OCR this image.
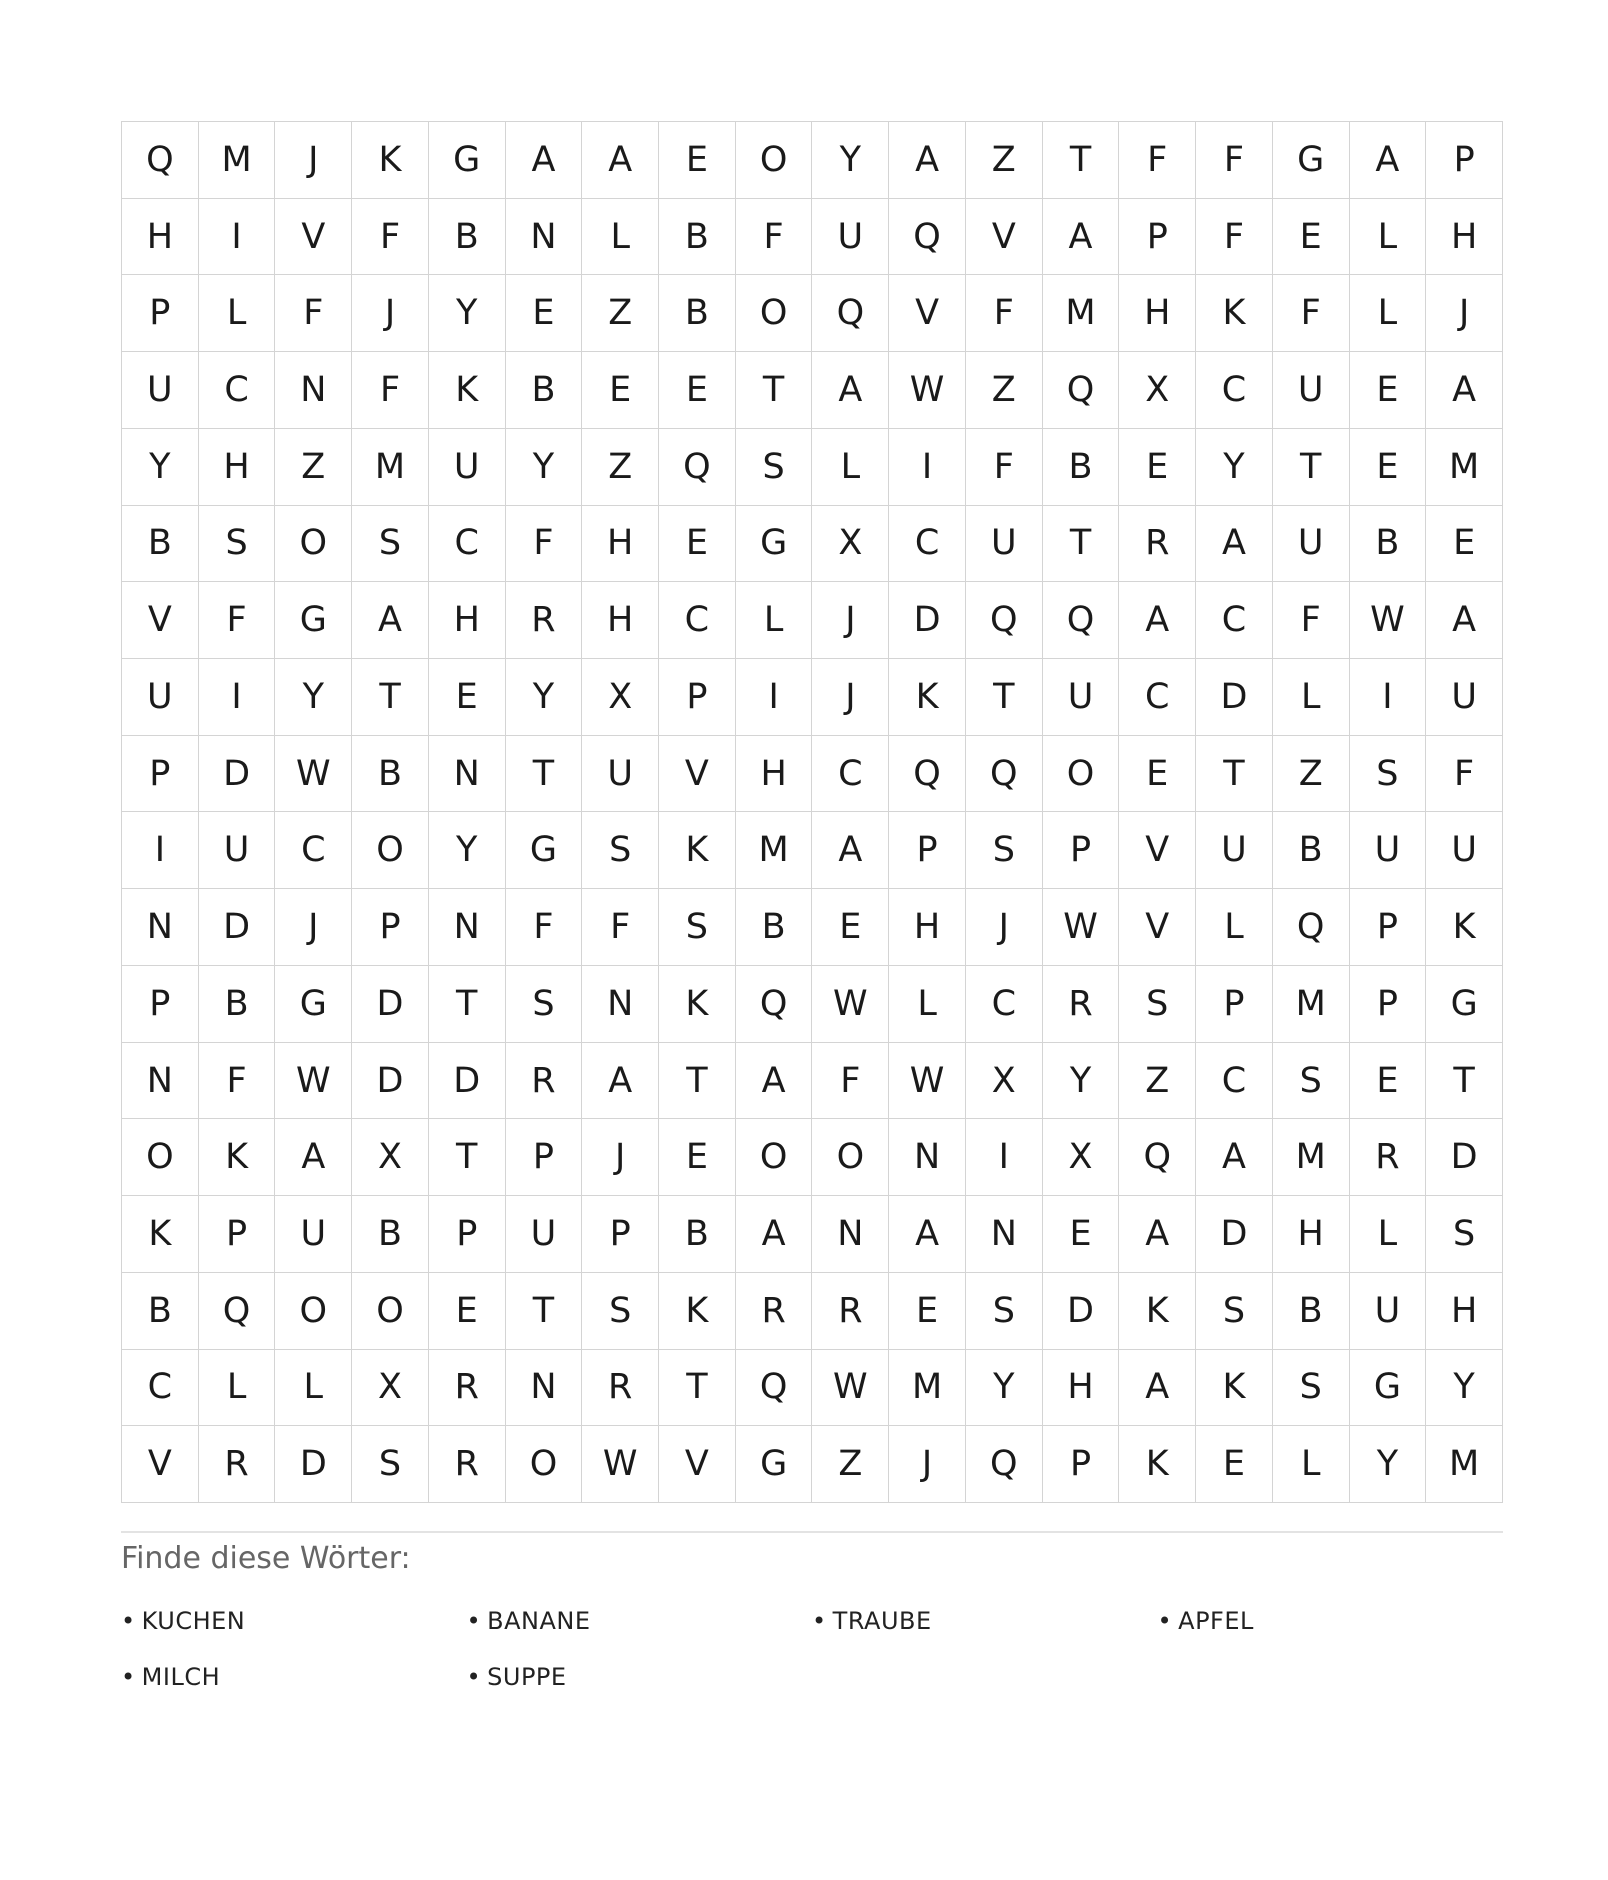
Q	M	J	K	G	A	A	E	O	Y	A	Z	T	F	F	G	A	P
H	I	V	F	B	N	L	B	F	U	Q	V	A	P	F	E	L	H
P	L	F	J	Y	E	Z	B	O	Q	V	F	M	H	K	F	L	J
U	C	N	F	K	B	E	E	T	A	W	Z	Q	X	C	U	E	A
Y	H	Z	M	U	Y	Z	Q	S	L	I	F	B	E	Y	T	E	M
B	S	O	S	C	F	H	E	G	X	C	U	T	R	A	U	B	E
V	F	G	A	H	R	H	C	L	J	D	Q	Q	A	C	F	W	A
U	I	Y	T	E	Y	X	P	I	J	K	T	U	C	D	L	I	U
P	D	W	B	N	T	U	V	H	C	Q	Q	O	E	T	Z	S	F
I	U	C	O	Y	G	S	K	M	A	P	S	P	V	U	B	U	U
N	D	J	P	N	F	F	S	B	E	H	J	W	V	L	Q	P	K
P	B	G	D	T	S	N	K	Q	W	L	C	R	S	P	M	P	G
N	F	W	D	D	R	A	T	A	F	W	X	Y	Z	C	S	E	T
O	K	A	X	T	P	J	E	O	O	N	I	X	Q	A	M	R	D
K	P	U	B	P	U	P	B	A	N	A	N	E	A	D	H	L	S
B	Q	O	O	E	T	S	K	R	R	E	S	D	K	S	B	U	H
C	L	L	X	R	N	R	T	Q	W	M	Y	H	A	K	S	G	Y
V	R	D	S	R	O	W	V	G	Z	J	Q	P	K	E	L	Y	M
Finde diese Wörter:
• KUCHEN	• BANANE	• TRAUBE	• APFEL
• MILCH	• SUPPE
